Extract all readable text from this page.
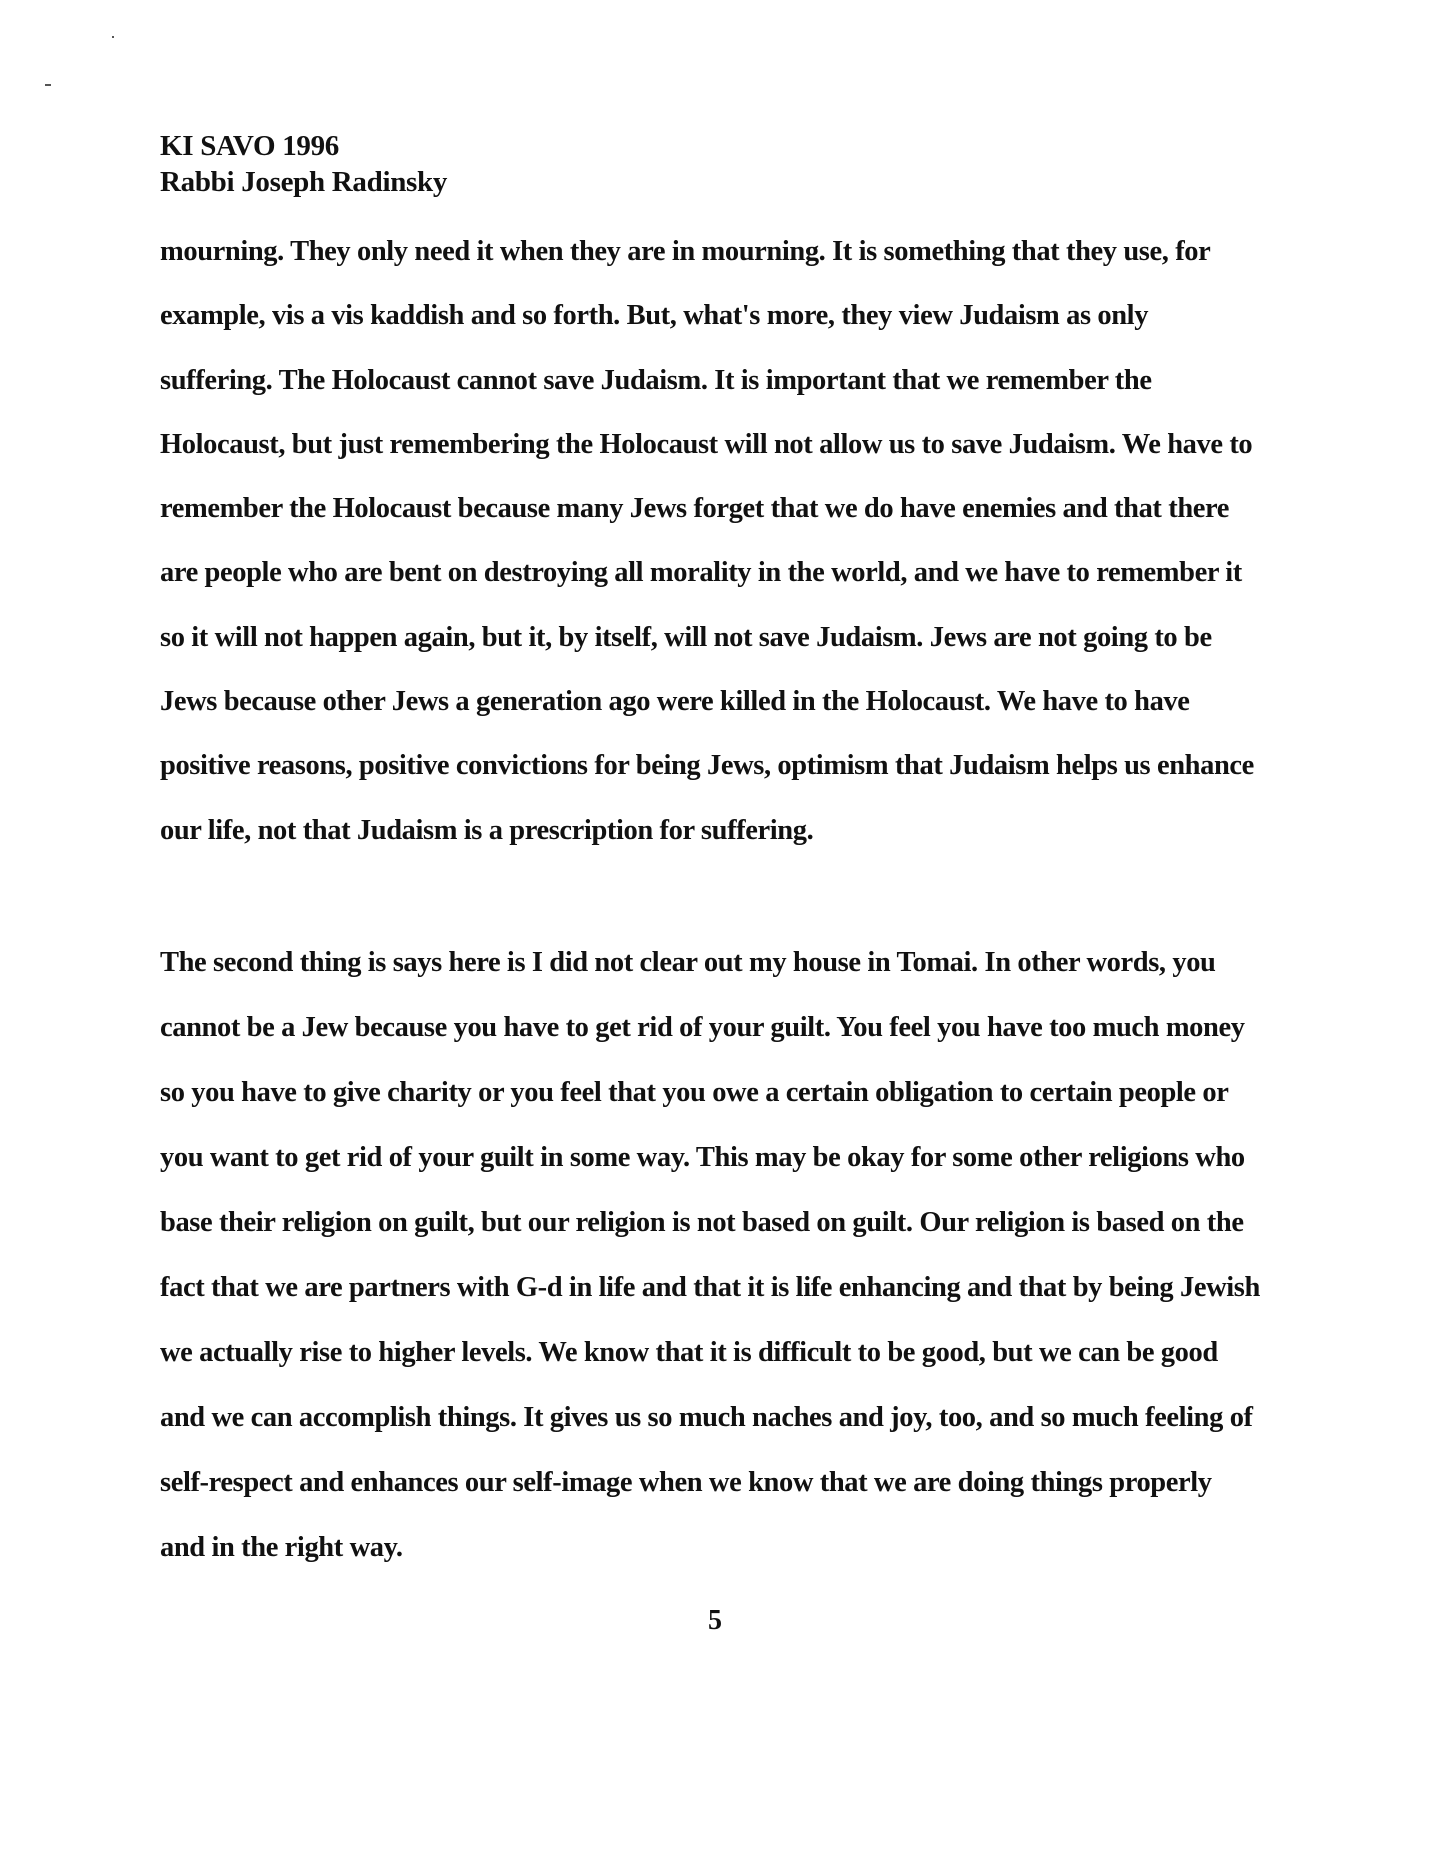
KI SAVO 1996
Rabbi Joseph Radinsky
mourning. They only need it when they are in mourning. It is something that they use, for example, vis a vis kaddish and so forth. But, what's more, they view Judaism as only suffering. The Holocaust cannot save Judaism. It is important that we remember the Holocaust, but just remembering the Holocaust will not allow us to save Judaism. We have to remember the Holocaust because many Jews forget that we do have enemies and that there are people who are bent on destroying all morality in the world, and we have to remember it so it will not happen again, but it, by itself, will not save Judaism. Jews are not going to be Jews because other Jews a generation ago were killed in the Holocaust. We have to have positive reasons, positive convictions for being Jews, optimism that Judaism helps us enhance our life, not that Judaism is a prescription for suffering.
The second thing is says here is I did not clear out my house in Tomai. In other words, you cannot be a Jew because you have to get rid of your guilt. You feel you have too much money so you have to give charity or you feel that you owe a certain obligation to certain people or you want to get rid of your guilt in some way. This may be okay for some other religions who base their religion on guilt, but our religion is not based on guilt. Our religion is based on the fact that we are partners with G-d in life and that it is life enhancing and that by being Jewish we actually rise to higher levels. We know that it is difficult to be good, but we can be good and we can accomplish things. It gives us so much naches and joy, too, and so much feeling of self-respect and enhances our self-image when we know that we are doing things properly and in the right way.
5
